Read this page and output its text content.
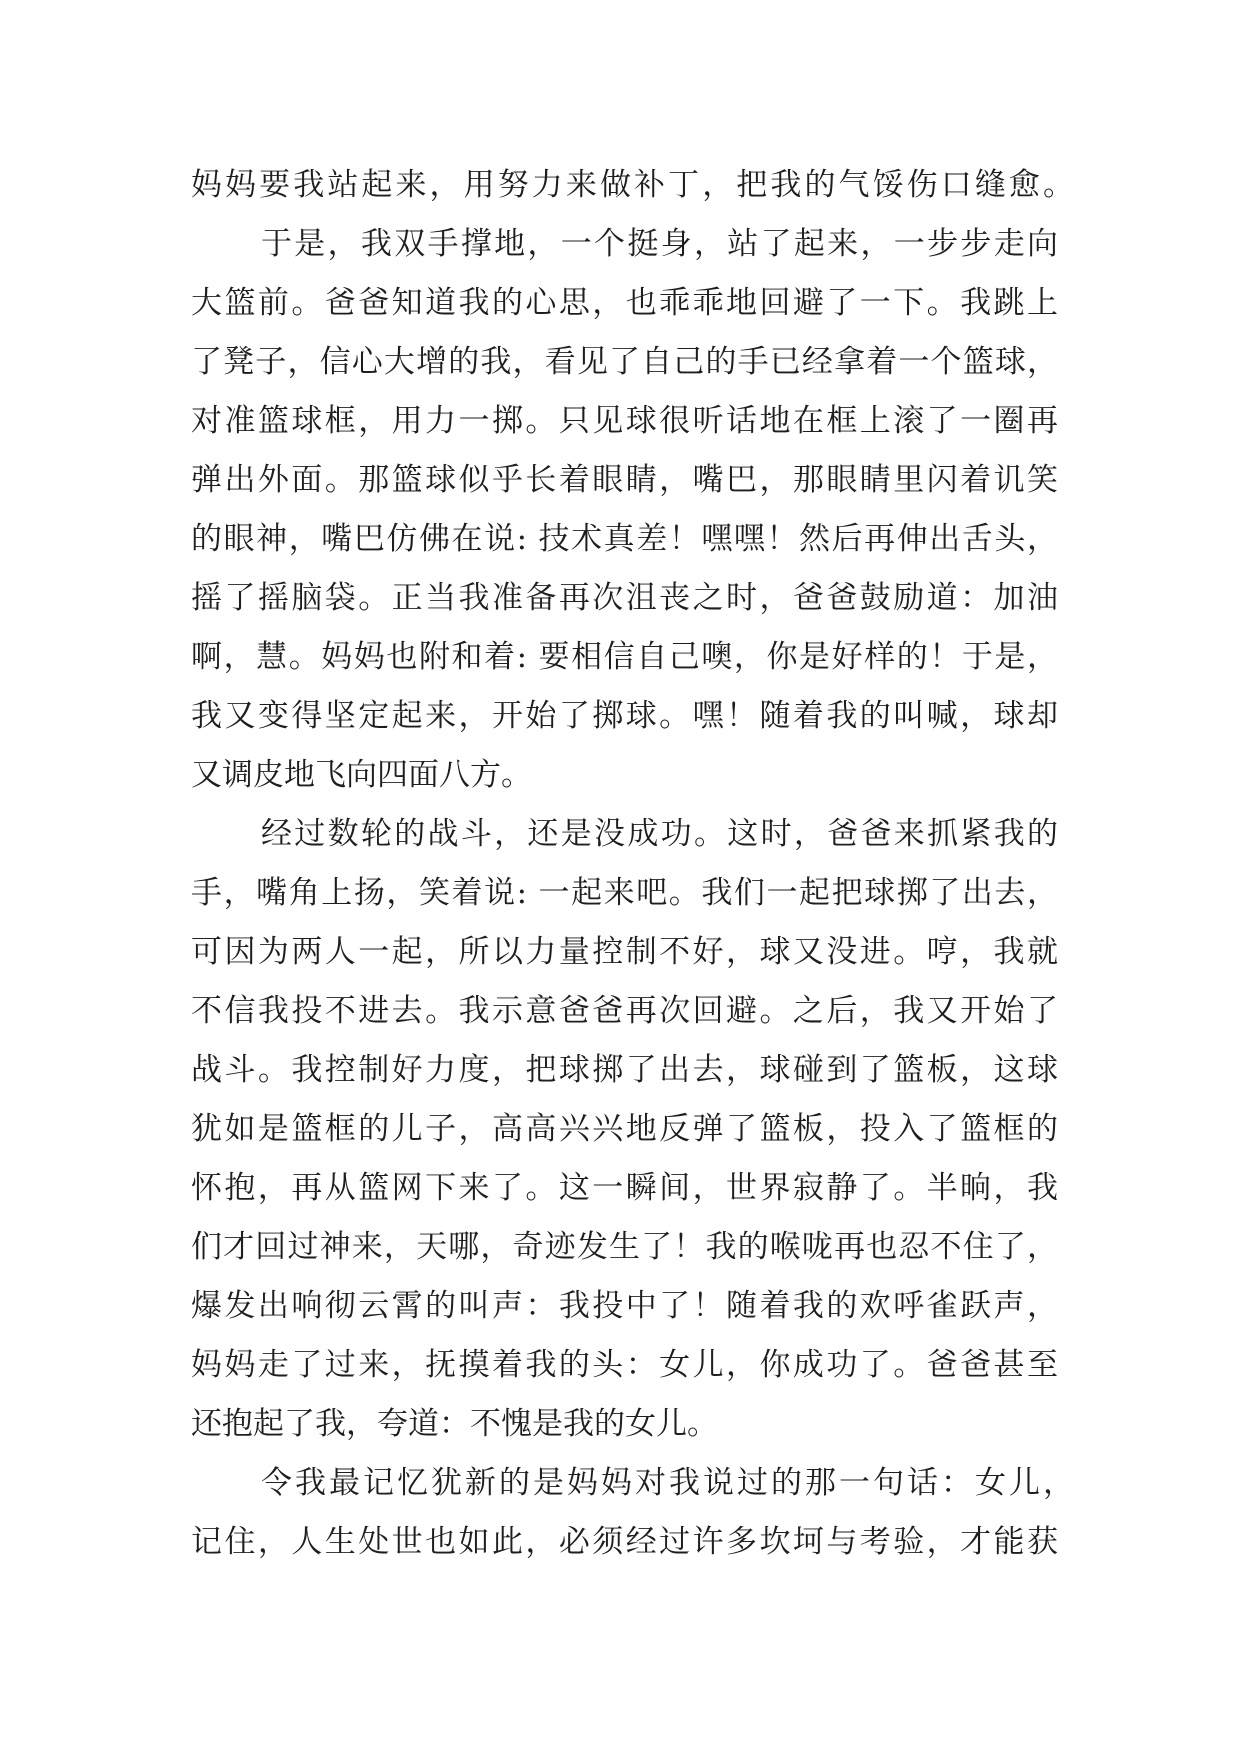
妈妈要我站起来，用努力来做补丁，把我的气馁伤口缝愈。
于是，我双手撑地，一个挺身，站了起来，一步步走向
大篮前。爸爸知道我的心思，也乖乖地回避了一下。我跳上
了凳子，信心大增的我，看见了自己的手已经拿着一个篮球，
对准篮球框，用力一掷。只见球很听话地在框上滚了一圈再
弹出外面。那篮球似乎长着眼睛，嘴巴，那眼睛里闪着讥笑
的眼神，嘴巴仿佛在说: 技术真差！嘿嘿！然后再伸出舌头，
摇了摇脑袋。正当我准备再次沮丧之时，爸爸鼓励道：加油
啊，慧。妈妈也附和着: 要相信自己噢，你是好样的！于是，
我又变得坚定起来，开始了掷球。嘿！随着我的叫喊，球却
又调皮地飞向四面八方。
经过数轮的战斗，还是没成功。这时，爸爸来抓紧我的
手，嘴角上扬，笑着说: 一起来吧。我们一起把球掷了出去，
可因为两人一起，所以力量控制不好，球又没进。哼，我就
不信我投不进去。我示意爸爸再次回避。之后，我又开始了
战斗。我控制好力度，把球掷了出去，球碰到了篮板，这球
犹如是篮框的儿子，高高兴兴地反弹了篮板，投入了篮框的
怀抱，再从篮网下来了。这一瞬间，世界寂静了。半晌，我
们才回过神来，天哪，奇迹发生了！我的喉咙再也忍不住了，
爆发出响彻云霄的叫声：我投中了！随着我的欢呼雀跃声，
妈妈走了过来，抚摸着我的头：女儿，你成功了。爸爸甚至
还抱起了我，夸道：不愧是我的女儿。
令我最记忆犹新的是妈妈对我说过的那一句话：女儿，
记住，人生处世也如此，必须经过许多坎坷与考验，才能获
